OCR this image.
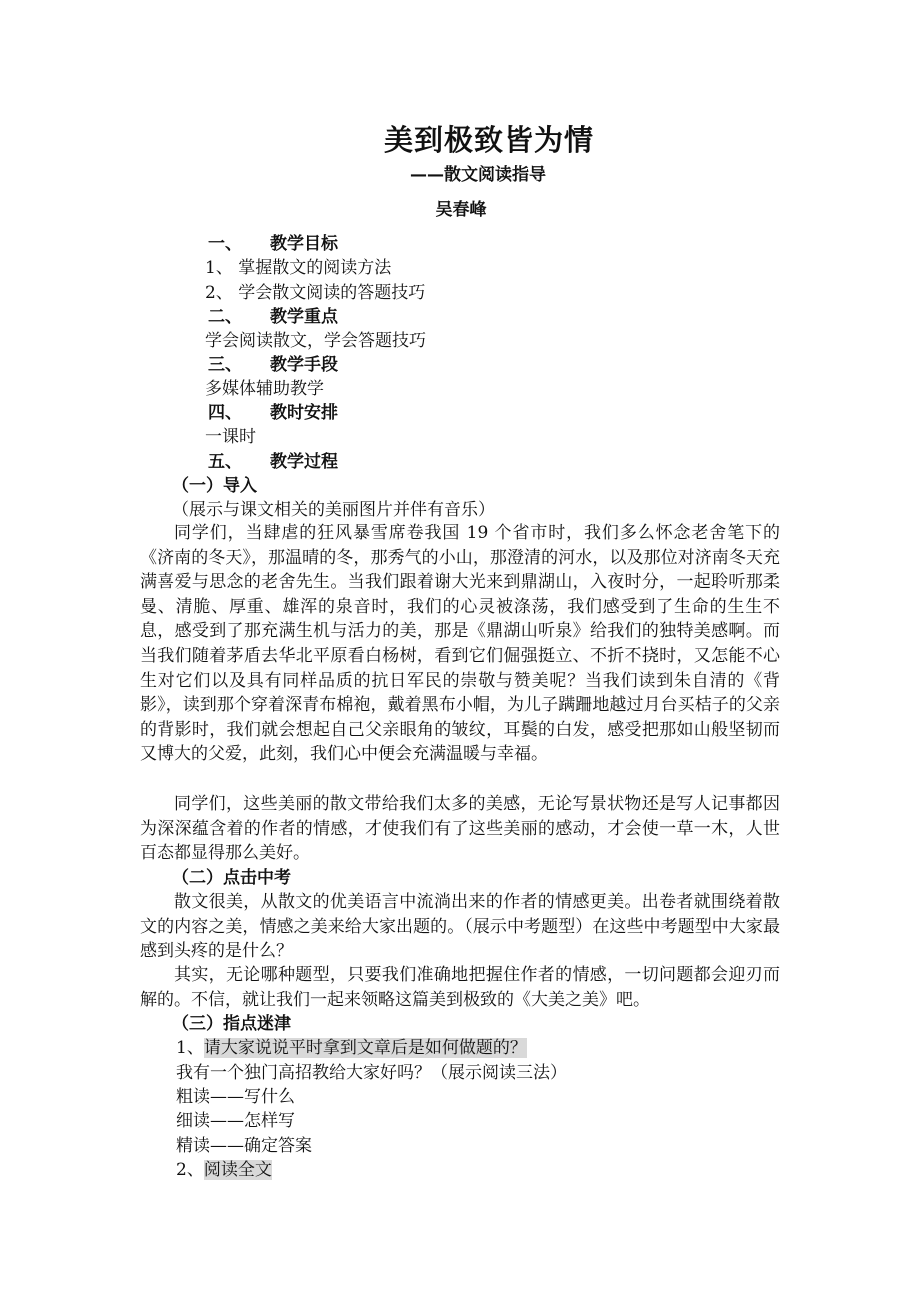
美到极致皆为情
——散文阅读指导
吴春峰
一、 教学目标
1、 掌握散文的阅读方法
2、 学会散文阅读的答题技巧
二、 教学重点
学会阅读散文，学会答题技巧
三、 教学手段
多媒体辅助教学
四、 教时安排
一课时
五、 教学过程
（一）导入
（展示与课文相关的美丽图片并伴有音乐）
同学们，当肆虐的狂风暴雪席卷我国 19 个省市时，我们多么怀念老舍笔下的《济南的冬天》，那温晴的冬，那秀气的小山，那澄清的河水，以及那位对济南冬天充满喜爱与思念的老舍先生。当我们跟着谢大光来到鼎湖山，入夜时分，一起聆听那柔曼、清脆、厚重、雄浑的泉音时，我们的心灵被涤荡，我们感受到了生命的生生不息，感受到了那充满生机与活力的美，那是《鼎湖山听泉》给我们的独特美感啊。而当我们随着茅盾去华北平原看白杨树，看到它们倔强挺立、不折不挠时，又怎能不心生对它们以及具有同样品质的抗日军民的崇敬与赞美呢？当我们读到朱自清的《背影》，读到那个穿着深青布棉袍，戴着黑布小帽，为儿子蹒跚地越过月台买桔子的父亲的背影时，我们就会想起自己父亲眼角的皱纹，耳鬓的白发，感受把那如山般坚韧而又博大的父爱，此刻，我们心中便会充满温暖与幸福。
同学们，这些美丽的散文带给我们太多的美感，无论写景状物还是写人记事都因为深深蕴含着的作者的情感，才使我们有了这些美丽的感动，才会使一草一木，人世百态都显得那么美好。
（二）点击中考
散文很美，从散文的优美语言中流淌出来的作者的情感更美。出卷者就围绕着散文的内容之美，情感之美来给大家出题的。（展示中考题型）在这些中考题型中大家最感到头疼的是什么？
其实，无论哪种题型，只要我们准确地把握住作者的情感，一切问题都会迎刃而解的。不信，就让我们一起来领略这篇美到极致的《大美之美》吧。
（三）指点迷津
1、请大家说说平时拿到文章后是如何做题的？
我有一个独门高招教给大家好吗？（展示阅读三法）
粗读——写什么
细读——怎样写
精读——确定答案
2、阅读全文
